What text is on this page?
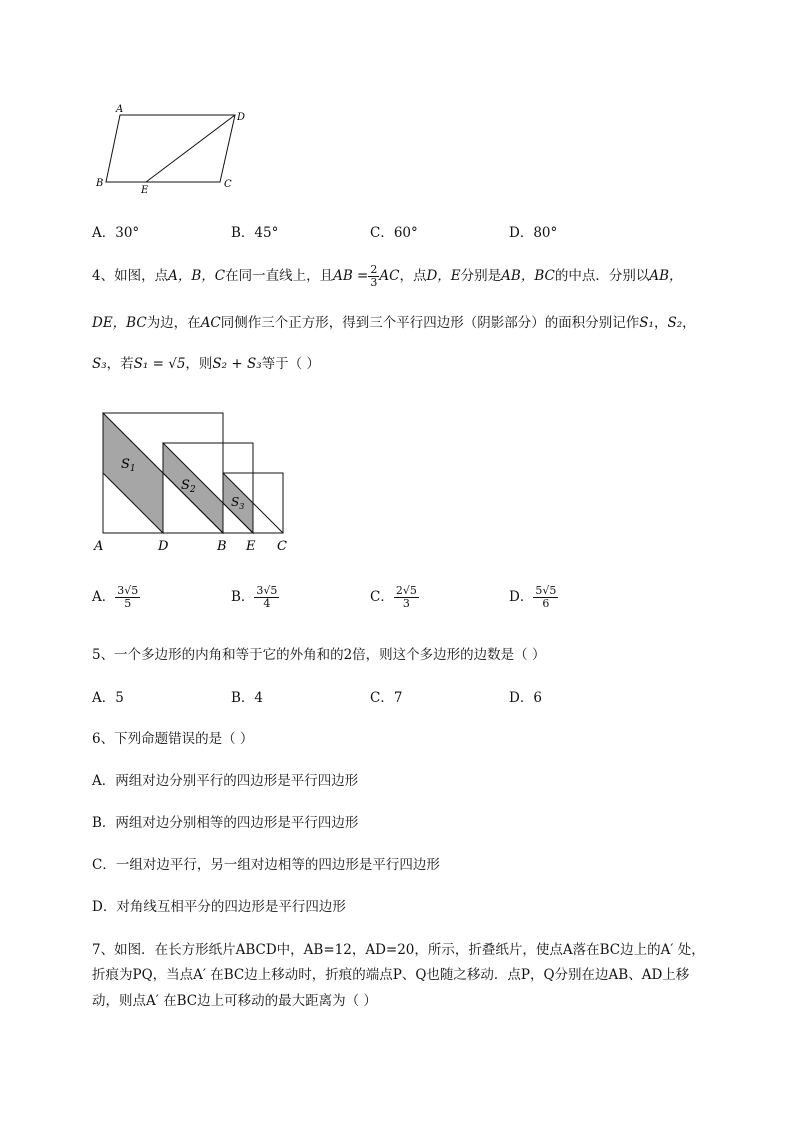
A
D
B
E
C
A．30°	B．45°	C．60°	D．80°
4、如图，点A，B，C在同一直线上，且AB = $\frac{2}{3}$ AC，点D，E分别是AB，BC的中点．分别以AB，
DE，BC为边，在AC同侧作三个正方形，得到三个平行四边形（阴影部分）的面积分别记作S₁，S₂，
S₃，若S₁ = √5，则S₂ + S₃等于（ ）
$S_1$
$S_2$
$S_3$
A	D	B E C
A． $\frac{3√5}{5}$	B． $\frac{3√5}{4}$	C． $\frac{2√5}{3}$	D． $\frac{5√5}{6}$
5、一个多边形的内角和等于它的外角和的2倍，则这个多边形的边数是（ ）
A．5	B．4	C．7	D．6
6、下列命题错误的是（ ）
A．两组对边分别平行的四边形是平行四边形
B．两组对边分别相等的四边形是平行四边形
C．一组对边平行，另一组对边相等的四边形是平行四边形
D．对角线互相平分的四边形是平行四边形
7、如图．在长方形纸片ABCD中，AB=12，AD=20，所示，折叠纸片，使点A落在BC边上的A′ 处，
折痕为PQ，当点A′ 在BC边上移动时，折痕的端点P、Q也随之移动．点P，Q分别在边AB、AD上移
动，则点A′ 在BC边上可移动的最大距离为（ ）
